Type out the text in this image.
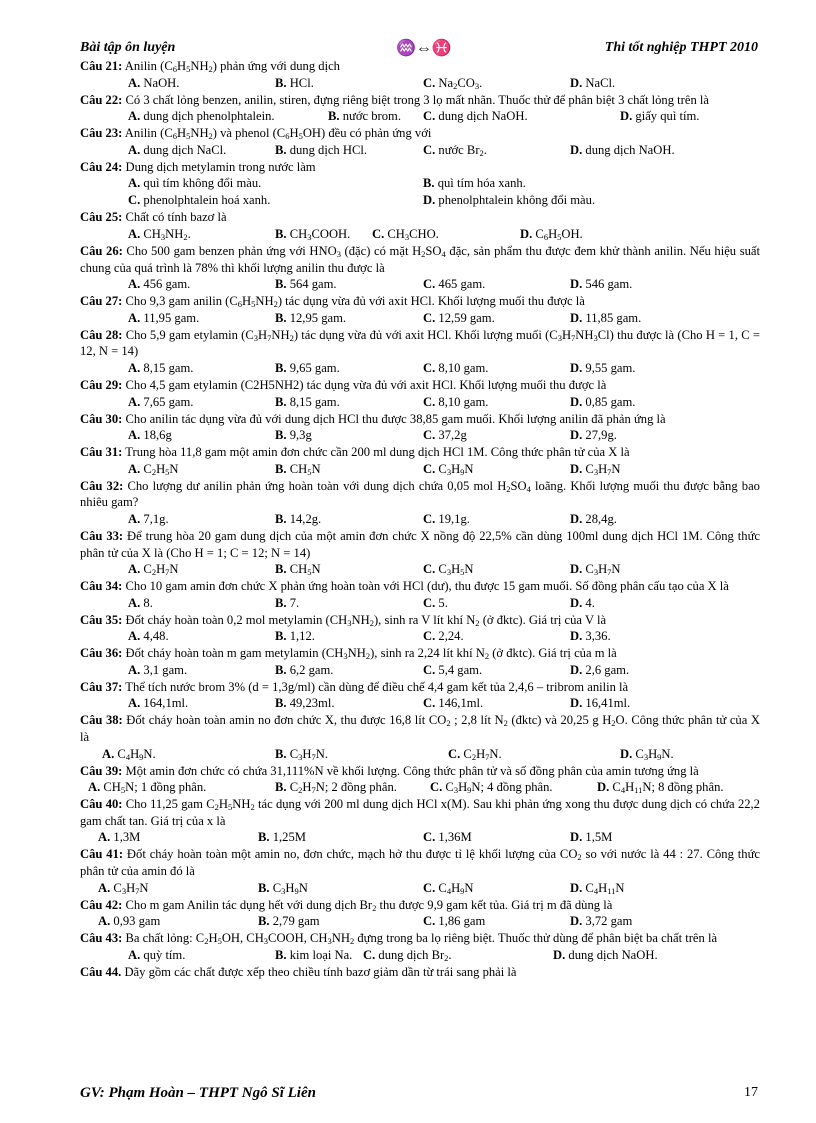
Bài tập ôn luyện	♒⇔♓	Thi tốt nghiệp THPT 2010
Câu 21: Anilin $(C_6H_5NH_2)$ phản ứng với dung dịch
A. NaOH.	B. HCl.	C. $Na_2CO_3$.	D. NaCl.
Câu 22: Có 3 chất lỏng benzen, anilin, stiren, đựng riêng biệt trong 3 lọ mất nhãn. Thuốc thử để phân biệt 3 chất lỏng trên là
A. dung dịch phenolphtalein.	B. nước brom. C. dung dịch NaOH.	D. giấy quì tím.
Câu 23: Anilin $(C_6H_5NH_2)$ và phenol $(C_6H_5OH)$ đều có phản ứng với
A. dung dịch NaCl.	B. dung dịch HCl.	C. nước $Br_2$.	D. dung dịch NaOH.
Câu 24: Dung dịch metylamin trong nước làm
A. quì tím không đổi màu.	B. quì tím hóa xanh.
C. phenolphtalein hoá xanh.	D. phenolphtalein không đổi màu.
Câu 25: Chất có tính bazơ là
A. $CH_3NH_2$.	B. $CH_3COOH$. C. $CH_3CHO$.	D. $C_6H_5OH$.
Câu 26: Cho 500 gam benzen phản ứng với $HNO_3$ (đặc) có mặt $H_2SO_4$ đặc, sản phẩm thu được đem khử thành anilin. Nếu hiệu suất chung của quá trình là 78% thì khối lượng anilin thu được là
A. 456 gam.	B. 564 gam.	C. 465 gam.	D. 546 gam.
Câu 27: Cho 9,3 gam anilin $(C_6H_5NH_2)$ tác dụng vừa đủ với axit HCl. Khối lượng muối thu được là
A. 11,95 gam.	B. 12,95 gam.	C. 12,59 gam.	D. 11,85 gam.
Câu 28: Cho 5,9 gam etylamin $(C_3H_7NH_2)$ tác dụng vừa đủ với axit HCl. Khối lượng muối $(C_3H_7NH_3Cl)$ thu được là (Cho H = 1, C = 12, N = 14)
A. 8,15 gam.	B. 9,65 gam.	C. 8,10 gam.	D. 9,55 gam.
Câu 29: Cho 4,5 gam etylamin (C2H5NH2) tác dụng vừa đủ với axit HCl. Khối lượng muối thu được là
A. 7,65 gam.	B. 8,15 gam.	C. 8,10 gam.	D. 0,85 gam.
Câu 30: Cho anilin tác dụng vừa đủ với dung dịch HCl thu được 38,85 gam muối. Khối lượng anilin đã phản ứng là
A. 18,6g	B. 9,3g	C. 37,2g	D. 27,9g.
Câu 31: Trung hòa 11,8 gam một amin đơn chức cần 200 ml dung dịch HCl 1M. Công thức phân tử của X là
A. $C_2H_5N$	B. $CH_5N$	C. $C_3H_9N$	D. $C_3H_7N$
Câu 32: Cho lượng dư anilin phản ứng hoàn toàn với dung dịch chứa 0,05 mol $H_2SO_4$ loãng. Khối lượng muối thu được bằng bao nhiêu gam?
A. 7,1g.	B. 14,2g.	C. 19,1g.	D. 28,4g.
Câu 33: Để trung hòa 20 gam dung dịch của một amin đơn chức X nồng độ 22,5% cần dùng 100ml dung dịch HCl 1M. Công thức phân tử của X là (Cho H = 1; C = 12; N = 14)
A. $C_2H_7N$	B. $CH_5N$	C. $C_3H_5N$	D. $C_3H_7N$
Câu 34: Cho 10 gam amin đơn chức X phản ứng hoàn toàn với HCl (dư), thu được 15 gam muối. Số đồng phân cấu tạo của X là
A. 8.	B. 7.	C. 5.	D. 4.
Câu 35: Đốt cháy hoàn toàn 0,2 mol metylamin $(CH_3NH_2)$, sinh ra V lít khí $N_2$ (ở đktc). Giá trị của V là
A. 4,48.	B. 1,12.	C. 2,24.	D. 3,36.
Câu 36: Đốt cháy hoàn toàn m gam metylamin $(CH_3NH_2)$, sinh ra 2,24 lít khí $N_2$ (ở đktc). Giá trị của m là
A. 3,1 gam.	B. 6,2 gam.	C. 5,4 gam.	D. 2,6 gam.
Câu 37: Thể tích nước brom 3% (d = 1,3g/ml) cần dùng để điều chế 4,4 gam kết tủa 2,4,6 – tribrom anilin là
A. 164,1ml.	B. 49,23ml.	C. 146,1ml.	D. 16,41ml.
Câu 38: Đốt cháy hoàn toàn amin no đơn chức X, thu được 16,8 lít $CO_2$ ; 2,8 lít $N_2$ (đktc) và 20,25 g $H_2O$. Công thức phân tử của X là
A. $C_4H_9N$.	B. $C_3H_7N$.	C. $C_2H_7N$.	D. $C_3H_9N$.
Câu 39: Một amin đơn chức có chứa 31,111%N về khối lượng. Công thức phân tử và số đồng phân của amin tương ứng là
A. $CH_5N$; 1 đồng phân.	B. $C_2H_7N$; 2 đồng phân.	C. $C_3H_9N$; 4 đồng phân.	D. $C_4H_{11}N$; 8 đồng phân.
Câu 40: Cho 11,25 gam $C_2H_5NH_2$ tác dụng với 200 ml dung dịch HCl x(M). Sau khi phản ứng xong thu được dung dịch có chứa 22,2 gam chất tan. Giá trị của x là
A. 1,3M	B. 1,25M	C. 1,36M	D. 1,5M
Câu 41: Đốt cháy hoàn toàn một amin no, đơn chức, mạch hở thu được tỉ lệ khối lượng của $CO_2$ so với nước là 44 : 27. Công thức phân tử của amin đó là
A. $C_3H_7N$	B. $C_3H_9N$	C. $C_4H_9N$	D. $C_4H_{11}N$
Câu 42: Cho m gam Anilin tác dụng hết với dung dịch $Br_2$ thu được 9,9 gam kết tủa. Giá trị m đã dùng là
A. 0,93 gam	B. 2,79 gam	C. 1,86 gam	D. 3,72 gam
Câu 43: Ba chất lỏng: $C_2H_5OH$, $CH_3COOH$, $CH_3NH_2$ đựng trong ba lọ riêng biệt. Thuốc thử dùng để phân biệt ba chất trên là
A. quỳ tím.	B. kim loại Na. C. dung dịch $Br_2$.	D. dung dịch NaOH.
Câu 44. Dãy gồm các chất được xếp theo chiều tính bazơ giảm dần từ trái sang phải là
GV: Phạm Hoàn – THPT Ngô Sĩ Liên	17
